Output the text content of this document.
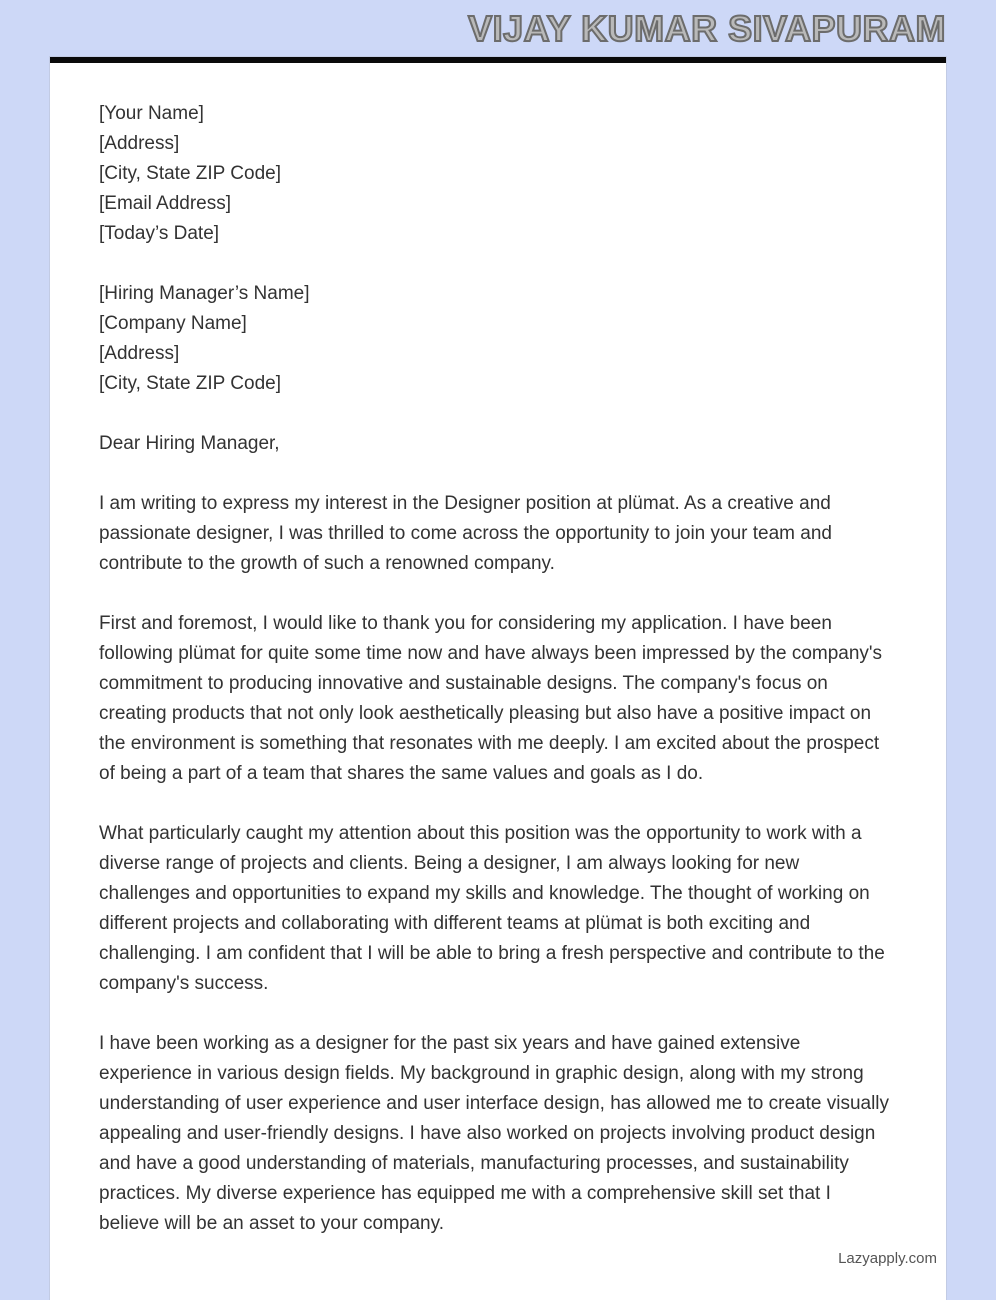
VIJAY KUMAR SIVAPURAM
[Your Name]
[Address]
[City, State ZIP Code]
[Email Address]
[Today’s Date]
[Hiring Manager’s Name]
[Company Name]
[Address]
[City, State ZIP Code]
Dear Hiring Manager,
I am writing to express my interest in the Designer position at plümat. As a creative and passionate designer, I was thrilled to come across the opportunity to join your team and contribute to the growth of such a renowned company.
First and foremost, I would like to thank you for considering my application. I have been following plümat for quite some time now and have always been impressed by the company's commitment to producing innovative and sustainable designs. The company's focus on creating products that not only look aesthetically pleasing but also have a positive impact on the environment is something that resonates with me deeply. I am excited about the prospect of being a part of a team that shares the same values and goals as I do.
What particularly caught my attention about this position was the opportunity to work with a diverse range of projects and clients. Being a designer, I am always looking for new challenges and opportunities to expand my skills and knowledge. The thought of working on different projects and collaborating with different teams at plümat is both exciting and challenging. I am confident that I will be able to bring a fresh perspective and contribute to the company's success.
I have been working as a designer for the past six years and have gained extensive experience in various design fields. My background in graphic design, along with my strong understanding of user experience and user interface design, has allowed me to create visually appealing and user-friendly designs. I have also worked on projects involving product design and have a good understanding of materials, manufacturing processes, and sustainability practices. My diverse experience has equipped me with a comprehensive skill set that I believe will be an asset to your company.
Lazyapply.com
